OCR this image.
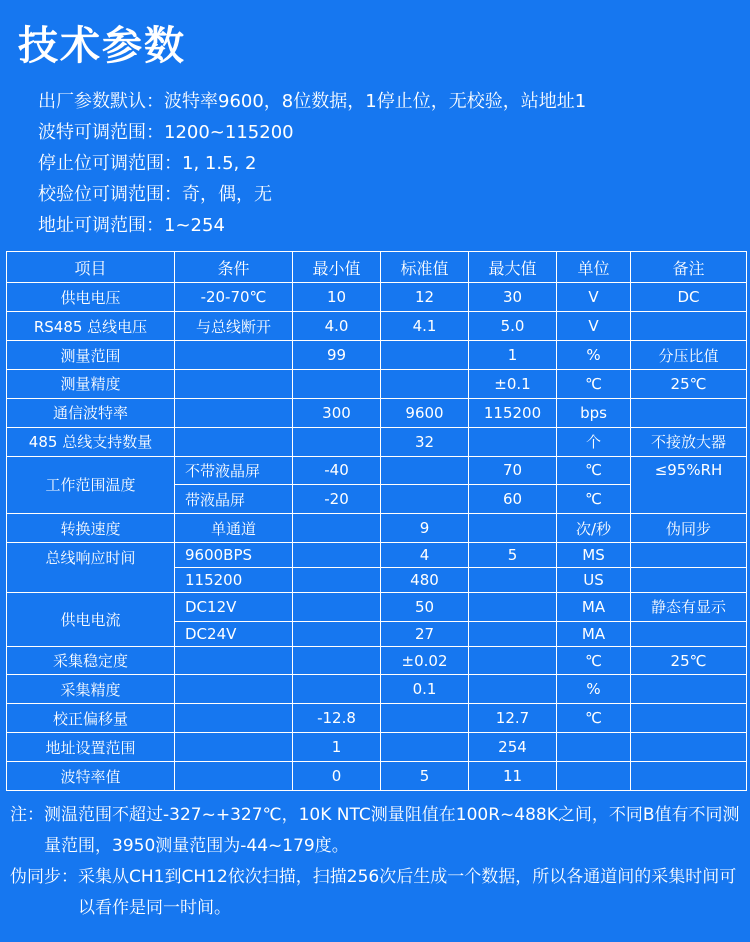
技术参数
出厂参数默认：波特率9600，8位数据，1停止位，无校验，站地址1
波特可调范围：1200~115200
停止位可调范围：1, 1.5, 2
校验位可调范围：奇，偶，无
地址可调范围：1~254
项目	条件	最小值	标准值	最大值	单位	备注
供电电压	-20-70℃	10	12	30	V	DC
RS485 总线电压	与总线断开	4.0	4.1	5.0	V	
测量范围		99		1	%	分压比值
测量精度				±0.1	℃	25℃
通信波特率		300	9600	115200	bps	
485 总线支持数量			32		个	不接放大器
工作范围温度	不带液晶屏	-40		70	℃	≤95%RH
	带液晶屏	-20		60	℃	
转换速度	单通道		9		次/秒	伪同步
总线响应时间	9600BPS		4	5	MS	
	115200		480		US	
供电电流	DC12V		50		MA	静态有显示
	DC24V		27		MA	
采集稳定度			±0.02		℃	25℃
采集精度			0.1		%	
校正偏移量		-12.8		12.7	℃	
地址设置范围		1		254		
波特率值		0	5	11		
注： 测温范围不超过-327~+327℃，10K NTC测量阻值在100R~488K之间，不同B值有不同测量范围，3950测量范围为-44~179度。
伪同步： 采集从CH1到CH12依次扫描，扫描256次后生成一个数据，所以各通道间的采集时间可以看作是同一时间。
